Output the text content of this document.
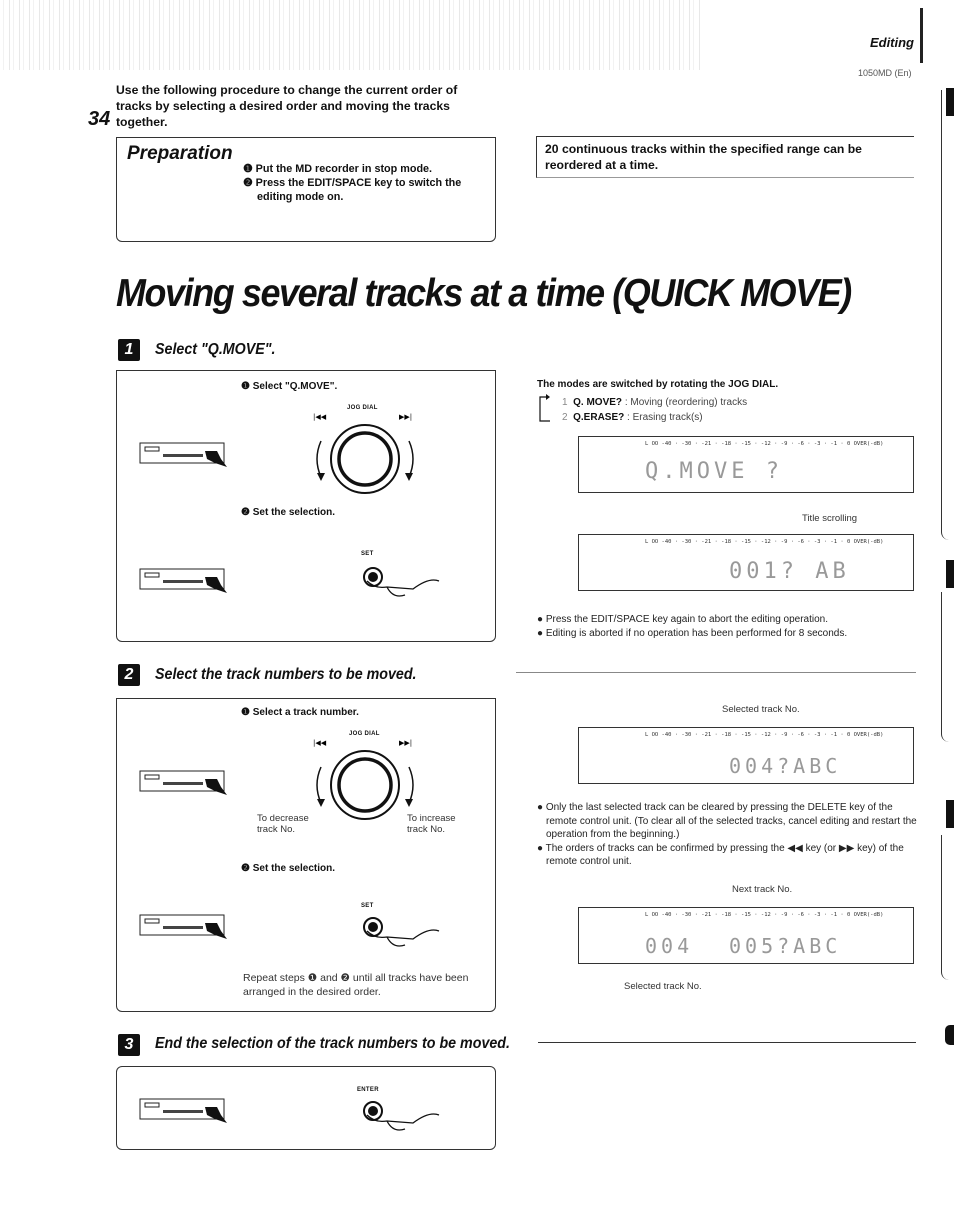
Editing
1050MD (En)
34
Use the following procedure to change the current order of tracks by selecting a desired order and moving the tracks together.
Preparation
❶ Put the MD recorder in stop mode.
❷ Press the EDIT/SPACE key to switch the editing mode on.
20 continuous tracks within the specified range can be reordered at a time.
Moving several tracks at a time (QUICK MOVE)
1	Select "Q.MOVE".
❶ Select "Q.MOVE".
JOG DIAL
|◀◀	▶▶|
❷ Set the selection.
SET
The modes are switched by rotating the JOG DIAL.
1 Q. MOVE? : Moving (reordering) tracks
2 Q.ERASE? : Erasing track(s)
L OO -40 · -30 · -21 · -18 · -15 · -12 · -9 · -6 · -3 · -1 · 0 OVER(-dB)
Q.MOVE ?
Title scrolling
L OO -40 · -30 · -21 · -18 · -15 · -12 · -9 · -6 · -3 · -1 · 0 OVER(-dB)
001? AB
● Press the EDIT/SPACE key again to abort the editing operation.
● Editing is aborted if no operation has been performed for 8 seconds.
2	Select the track numbers to be moved.
❶ Select a track number.
JOG DIAL
|◀◀	▶▶|
To decrease track No.
To increase track No.
❷ Set the selection.
SET
Repeat steps ❶ and ❷ until all tracks have been arranged in the desired order.
Selected track No.
L OO -40 · -30 · -21 · -18 · -15 · -12 · -9 · -6 · -3 · -1 · 0 OVER(-dB)
004?ABC
● Only the last selected track can be cleared by pressing the DELETE key of the remote control unit. (To clear all of the selected tracks, cancel editing and restart the operation from the beginning.)
● The orders of tracks can be confirmed by pressing the ◀◀ key (or ▶▶ key) of the remote control unit.
Next track No.
L OO -40 · -30 · -21 · -18 · -15 · -12 · -9 · -6 · -3 · -1 · 0 OVER(-dB)
004 005?ABC
Selected track No.
3	End the selection of the track numbers to be moved.
ENTER
